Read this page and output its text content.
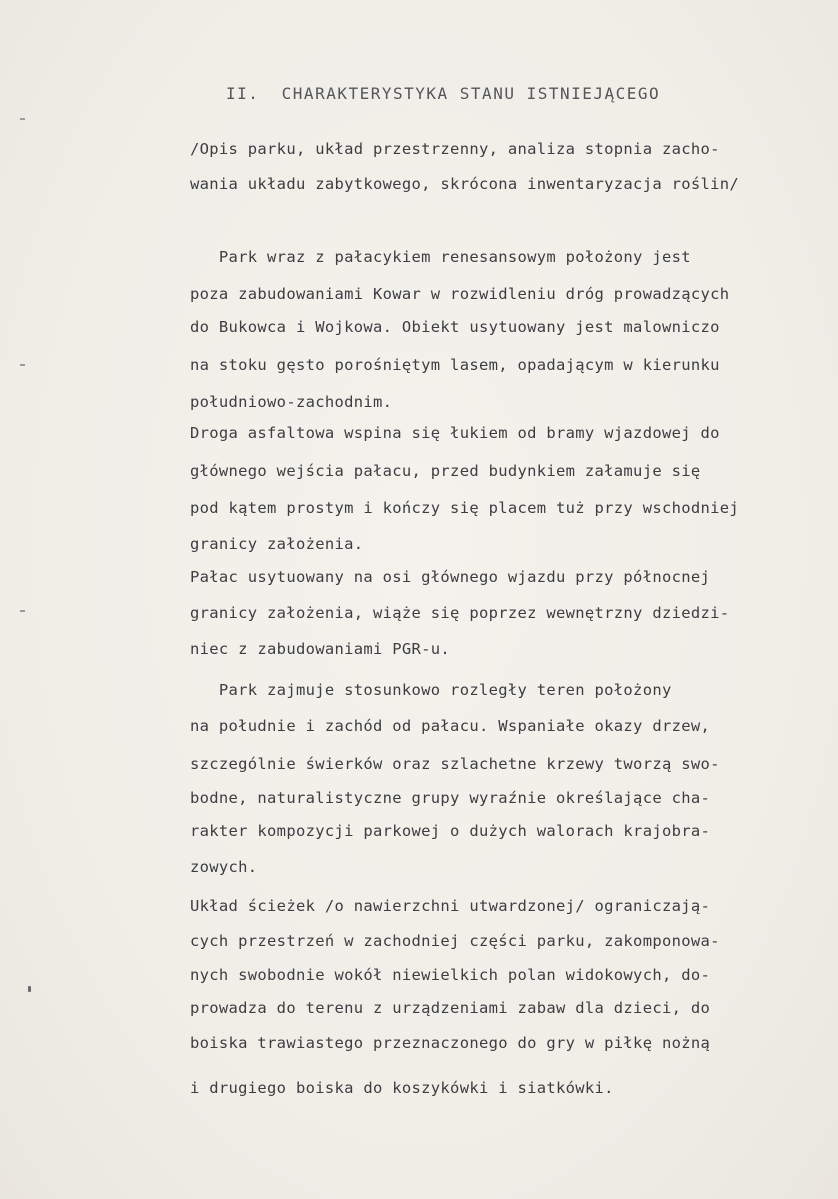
II.  CHARAKTERYSTYKA STANU ISTNIEJĄCEGO
/Opis parku, układ przestrzenny, analiza stopnia zacho-
wania układu zabytkowego, skrócona inwentaryzacja roślin/
Park wraz z pałacykiem renesansowym położony jest
poza zabudowaniami Kowar w rozwidleniu dróg prowadzących
do Bukowca i Wojkowa. Obiekt usytuowany jest malowniczo
na stoku gęsto porośniętym lasem, opadającym w kierunku
południowo-zachodnim.
Droga asfaltowa wspina się łukiem od bramy wjazdowej do
głównego wejścia pałacu, przed budynkiem załamuje się
pod kątem prostym i kończy się placem tuż przy wschodniej
granicy założenia.
Pałac usytuowany na osi głównego wjazdu przy północnej
granicy założenia, wiąże się poprzez wewnętrzny dziedzi-
niec z zabudowaniami PGR-u.
Park zajmuje stosunkowo rozległy teren położony
na południe i zachód od pałacu. Wspaniałe okazy drzew,
szczególnie świerków oraz szlachetne krzewy tworzą swo-
bodne, naturalistyczne grupy wyraźnie określające cha-
rakter kompozycji parkowej o dużych walorach krajobra-
zowych.
Układ ścieżek /o nawierzchni utwardzonej/ ograniczają-
cych przestrzeń w zachodniej części parku, zakomponowa-
nych swobodnie wokół niewielkich polan widokowych, do-
prowadza do terenu z urządzeniami zabaw dla dzieci, do
boiska trawiastego przeznaczonego do gry w piłkę nożną
i drugiego boiska do koszykówki i siatkówki.
